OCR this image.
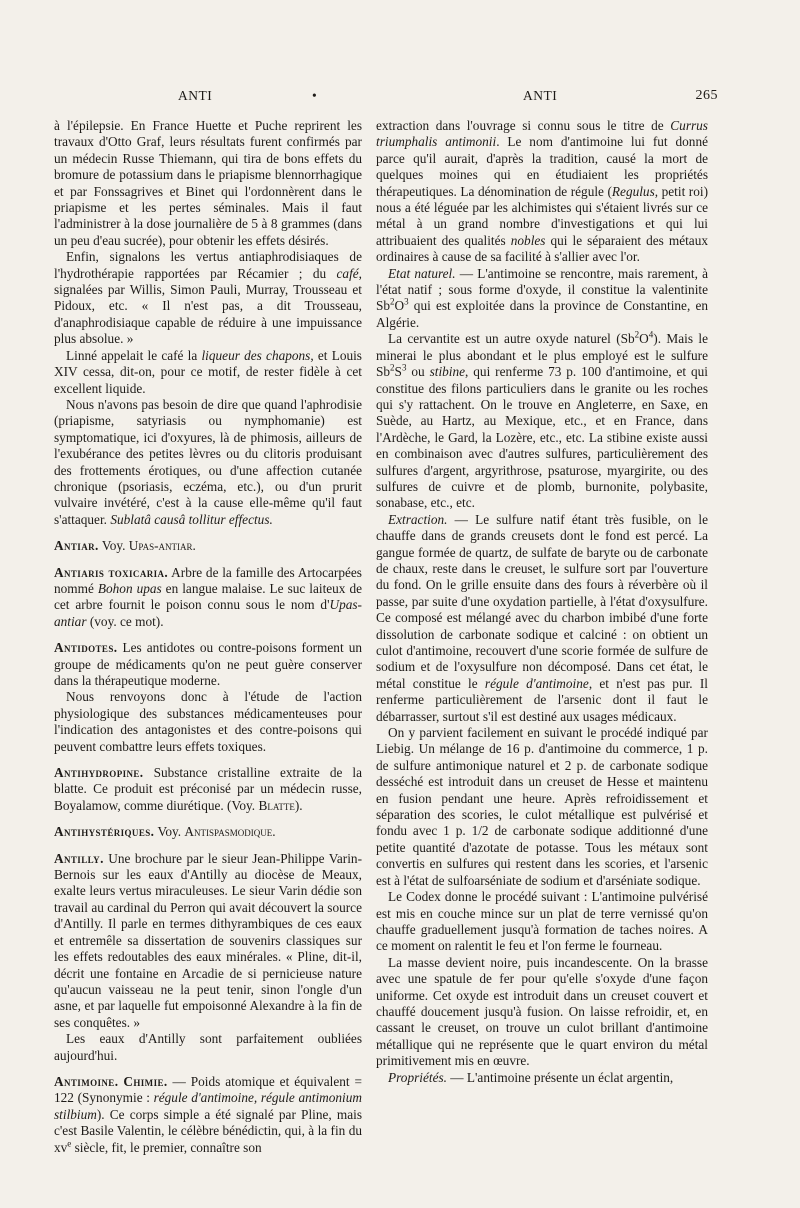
ANTI	•	ANTI	265

à l'épilepsie. En France Huette et Puche reprirent les travaux d'Otto Graf, leurs résultats furent confirmés par un médecin Russe Thiemann, qui tira de bons effets du bromure de potassium dans le priapisme blennorrhagique et par Fonssagrives et Binet qui l'ordonnèrent dans le priapisme et les pertes séminales. Mais il faut l'administrer à la dose journalière de 5 à 8 grammes (dans un peu d'eau sucrée), pour obtenir les effets désirés.

Enfin, signalons les vertus antiaphrodisiaques de l'hydrothérapie rapportées par Récamier ; du café, signalées par Willis, Simon Pauli, Murray, Trousseau et Pidoux, etc. « Il n'est pas, a dit Trousseau, d'anaphrodisiaque capable de réduire à une impuissance plus absolue. »

Linné appelait le café la liqueur des chapons, et Louis XIV cessa, dit-on, pour ce motif, de rester fidèle à cet excellent liquide.

Nous n'avons pas besoin de dire que quand l'aphrodisie (priapisme, satyriasis ou nymphomanie) est symptomatique, ici d'oxyures, là de phimosis, ailleurs de l'exubérance des petites lèvres ou du clitoris produisant des frottements érotiques, ou d'une affection cutanée chronique (psoriasis, eczéma, etc.), ou d'un prurit vulvaire invétéré, c'est à la cause elle-même qu'il faut s'attaquer. Sublatâ causâ tollitur effectus.

Antiar. Voy. Upas-antiar.

Antiaris toxicaria. Arbre de la famille des Artocarpées nommé Bohon upas en langue malaise. Le suc laiteux de cet arbre fournit le poison connu sous le nom d'Upas-antiar (voy. ce mot).

Antidotes. Les antidotes ou contre-poisons forment un groupe de médicaments qu'on ne peut guère conserver dans la thérapeutique moderne.

Nous renvoyons donc à l'étude de l'action physiologique des substances médicamenteuses pour l'indication des antagonistes et des contre-poisons qui peuvent combattre leurs effets toxiques.

Antihydropine. Substance cristalline extraite de la blatte. Ce produit est préconisé par un médecin russe, Boyalamow, comme diurétique. (Voy. Blatte).

Antihystériques. Voy. Antispasmodique.

Antilly. Une brochure par le sieur Jean-Philippe Varin-Bernois sur les eaux d'Antilly au diocèse de Meaux, exalte leurs vertus miraculeuses. Le sieur Varin dédie son travail au cardinal du Perron qui avait découvert la source d'Antilly. Il parle en termes dithyrambiques de ces eaux et entremêle sa dissertation de souvenirs classiques sur les effets redoutables des eaux minérales. « Pline, dit-il, décrit une fontaine en Arcadie de si pernicieuse nature qu'aucun vaisseau ne la peut tenir, sinon l'ongle d'un asne, et par laquelle fut empoisonné Alexandre à la fin de ses conquêtes. »

Les eaux d'Antilly sont parfaitement oubliées aujourd'hui.

Antimoine. Chimie. — Poids atomique et équivalent = 122 (Synonymie : régule d'antimoine, régule antimonium stilbium). Ce corps simple a été signalé par Pline, mais c'est Basile Valentin, le célèbre bénédictin, qui, à la fin du $xv^e$ siècle, fit, le premier, connaître son

extraction dans l'ouvrage si connu sous le titre de Currus triumphalis antimonii. Le nom d'antimoine lui fut donné parce qu'il aurait, d'après la tradition, causé la mort de quelques moines qui en étudiaient les propriétés thérapeutiques. La dénomination de régule (Regulus, petit roi) nous a été léguée par les alchimistes qui s'étaient livrés sur ce métal à un grand nombre d'investigations et qui lui attribuaient des qualités nobles qui le séparaient des métaux ordinaires à cause de sa facilité à s'allier avec l'or.

Etat naturel. — L'antimoine se rencontre, mais rarement, à l'état natif ; sous forme d'oxyde, il constitue la valentinite $Sb^2O^3$ qui est exploitée dans la province de Constantine, en Algérie.

La cervantite est un autre oxyde naturel $(Sb^2O^4)$. Mais le minerai le plus abondant et le plus employé est le sulfure $Sb^2S^3$ ou stibine, qui renferme 73 p. 100 d'antimoine, et qui constitue des filons particuliers dans le granite ou les roches qui s'y rattachent. On le trouve en Angleterre, en Saxe, en Suède, au Hartz, au Mexique, etc., et en France, dans l'Ardèche, le Gard, la Lozère, etc., etc. La stibine existe aussi en combinaison avec d'autres sulfures, particulièrement des sulfures d'argent, argyrithrose, psaturose, myargirite, ou des sulfures de cuivre et de plomb, burnonite, polybasite, sonabase, etc., etc.

Extraction. — Le sulfure natif étant très fusible, on le chauffe dans de grands creusets dont le fond est percé. La gangue formée de quartz, de sulfate de baryte ou de carbonate de chaux, reste dans le creuset, le sulfure sort par l'ouverture du fond. On le grille ensuite dans des fours à réverbère où il passe, par suite d'une oxydation partielle, à l'état d'oxysulfure. Ce composé est mélangé avec du charbon imbibé d'une forte dissolution de carbonate sodique et calciné : on obtient un culot d'antimoine, recouvert d'une scorie formée de sulfure de sodium et de l'oxysulfure non décomposé. Dans cet état, le métal constitue le régule d'antimoine, et n'est pas pur. Il renferme particulièrement de l'arsenic dont il faut le débarrasser, surtout s'il est destiné aux usages médicaux.

On y parvient facilement en suivant le procédé indiqué par Liebig. Un mélange de 16 p. d'antimoine du commerce, 1 p. de sulfure antimonique naturel et 2 p. de carbonate sodique desséché est introduit dans un creuset de Hesse et maintenu en fusion pendant une heure. Après refroidissement et séparation des scories, le culot métallique est pulvérisé et fondu avec 1 p. 1/2 de carbonate sodique additionné d'une petite quantité d'azotate de potasse. Tous les métaux sont convertis en sulfures qui restent dans les scories, et l'arsenic est à l'état de sulfoarséniate de sodium et d'arséniate sodique.

Le Codex donne le procédé suivant : L'antimoine pulvérisé est mis en couche mince sur un plat de terre vernissé qu'on chauffe graduellement jusqu'à formation de taches noires. A ce moment on ralentit le feu et l'on ferme le fourneau.

La masse devient noire, puis incandescente. On la brasse avec une spatule de fer pour qu'elle s'oxyde d'une façon uniforme. Cet oxyde est introduit dans un creuset couvert et chauffé doucement jusqu'à fusion. On laisse refroidir, et, en cassant le creuset, on trouve un culot brillant d'antimoine métallique qui ne représente que le quart environ du métal primitivement mis en œuvre.

Propriétés. — L'antimoine présente un éclat argentin,
